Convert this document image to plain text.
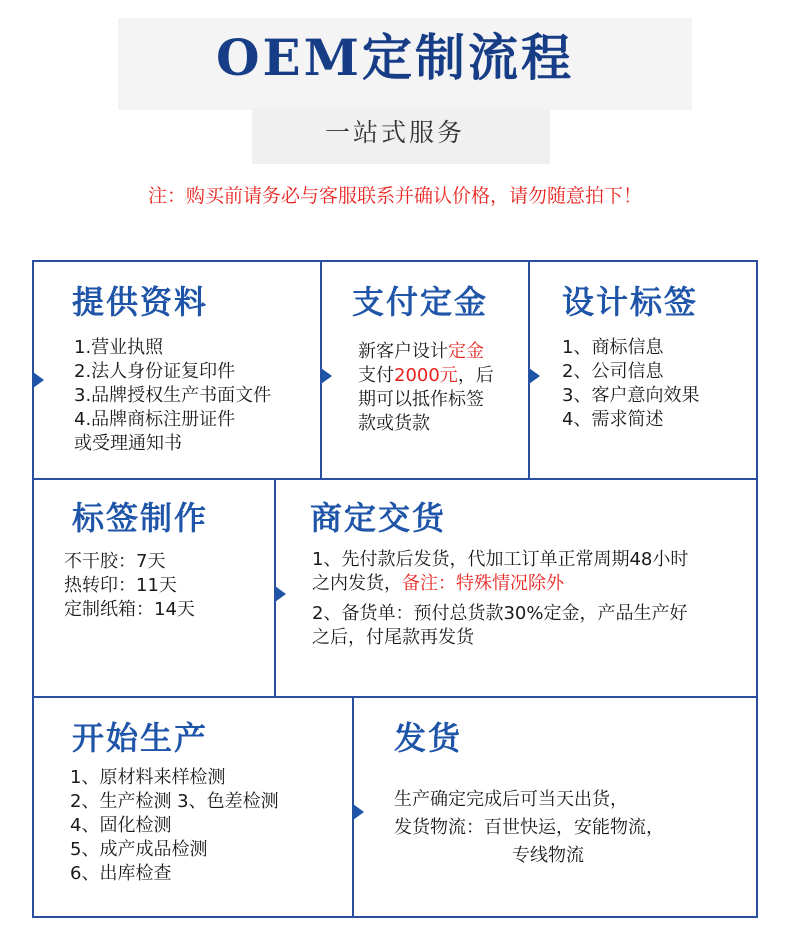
OEM定制流程
一站式服务
注：购买前请务必与客服联系并确认价格，请勿随意拍下！
提供资料
1.营业执照
2.法人身份证复印件
3.品牌授权生产书面文件
4.品牌商标注册证件
或受理通知书
支付定金
新客户设计定金
支付2000元，后
期可以抵作标签
款或货款
设计标签
1、商标信息
2、公司信息
3、客户意向效果
4、需求简述
标签制作
不干胶：7天
热转印：11天
定制纸箱：14天
商定交货
1、先付款后发货，代加工订单正常周期48小时
之内发货，备注：特殊情况除外
2、备货单：预付总货款30%定金，产品生产好
之后，付尾款再发货
开始生产
1、原材料来样检测
2、生产检测 3、色差检测
4、固化检测
5、成产成品检测
6、出库检查
发货
生产确定完成后可当天出货，
发货物流：百世快运，安能物流，
专线物流
